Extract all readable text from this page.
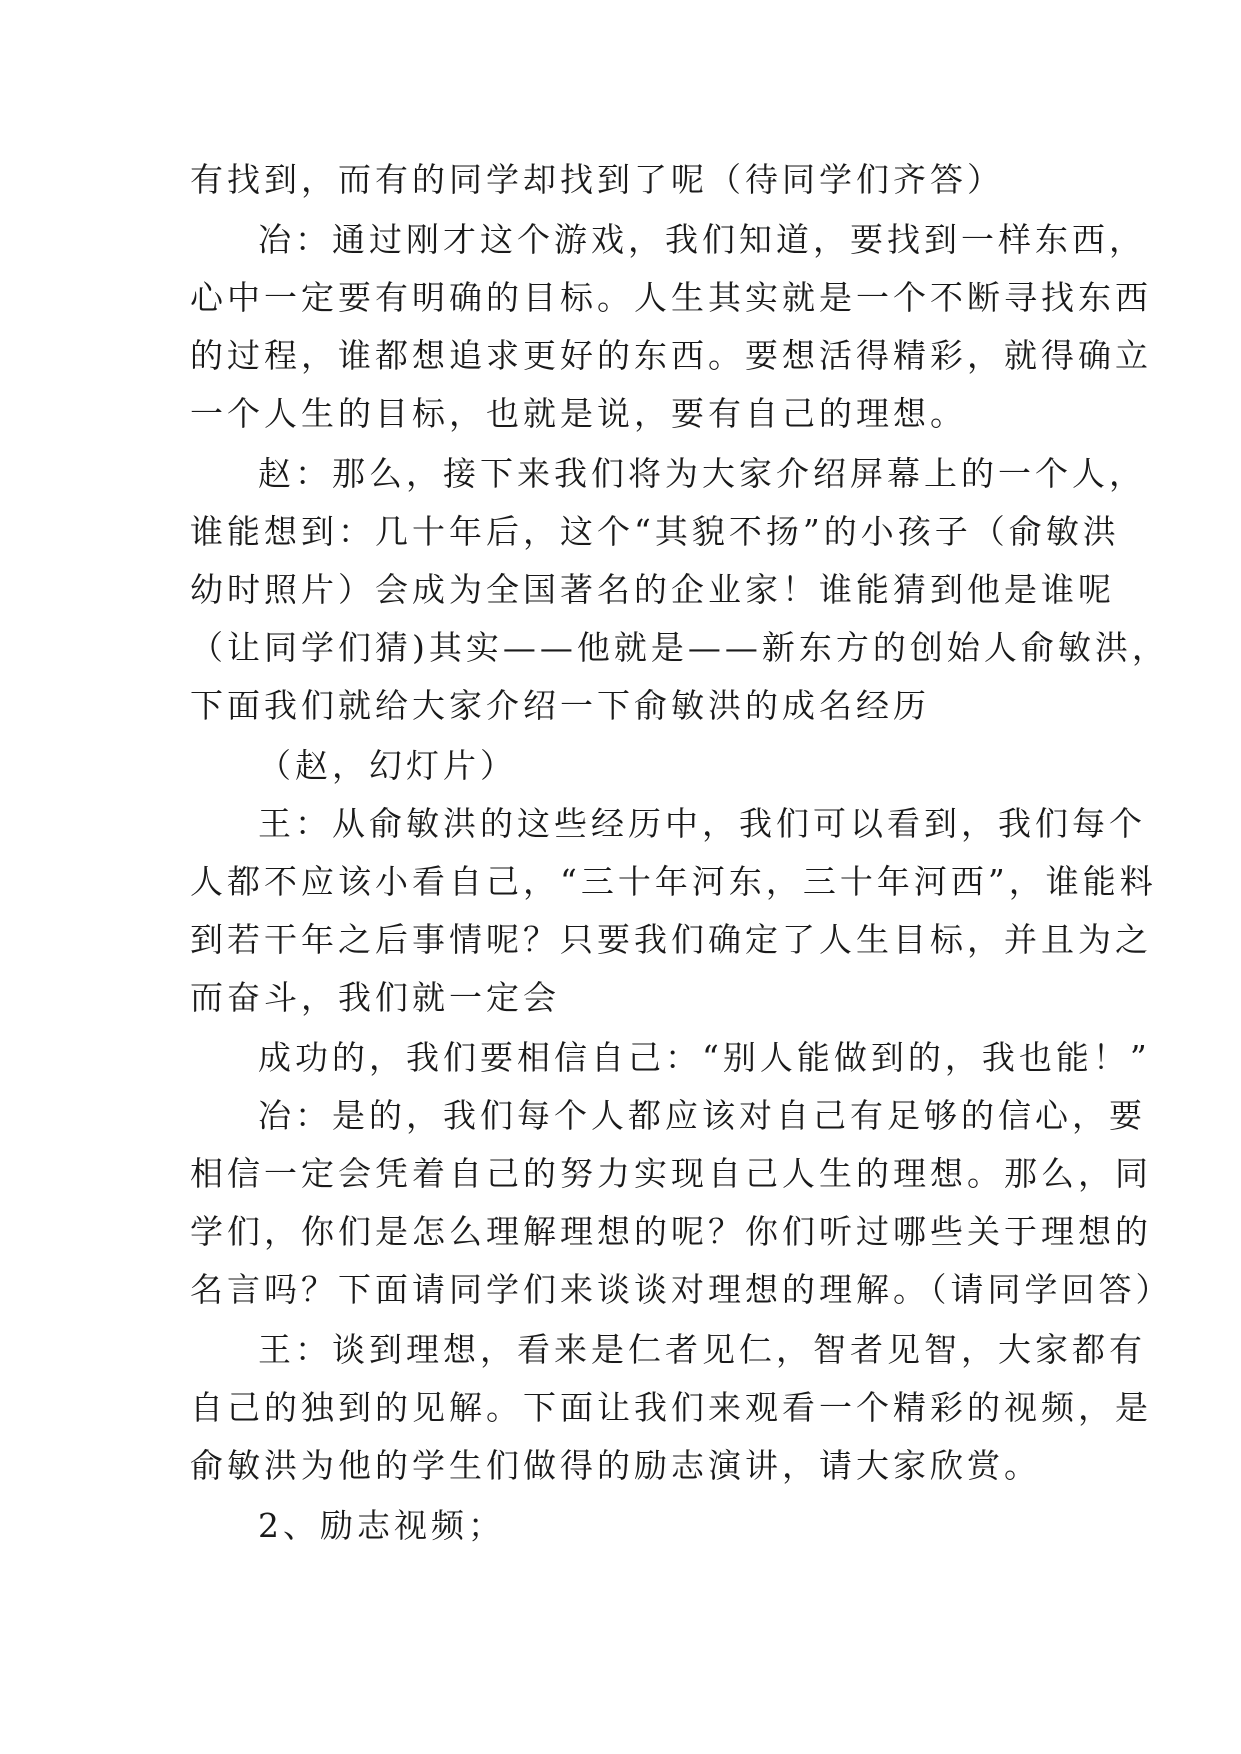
有找到，而有的同学却找到了呢（待同学们齐答）
冶：通过刚才这个游戏，我们知道，要找到一样东西，
心中一定要有明确的目标。人生其实就是一个不断寻找东西
的过程，谁都想追求更好的东西。要想活得精彩，就得确立
一个人生的目标，也就是说，要有自己的理想。
赵：那么，接下来我们将为大家介绍屏幕上的一个人，
谁能想到：几十年后，这个“其貌不扬”的小孩子（俞敏洪
幼时照片）会成为全国著名的企业家！谁能猜到他是谁呢
（让同学们猜)其实——他就是——新东方的创始人俞敏洪，
下面我们就给大家介绍一下俞敏洪的成名经历
（赵，幻灯片）
王：从俞敏洪的这些经历中，我们可以看到，我们每个
人都不应该小看自己，“三十年河东，三十年河西”，谁能料
到若干年之后事情呢？只要我们确定了人生目标，并且为之
而奋斗，我们就一定会
成功的，我们要相信自己：“别人能做到的，我也能！”
冶：是的，我们每个人都应该对自己有足够的信心，要
相信一定会凭着自己的努力实现自己人生的理想。那么，同
学们，你们是怎么理解理想的呢？你们听过哪些关于理想的
名言吗？下面请同学们来谈谈对理想的理解。（请同学回答）
王：谈到理想，看来是仁者见仁，智者见智，大家都有
自己的独到的见解。下面让我们来观看一个精彩的视频，是
俞敏洪为他的学生们做得的励志演讲，请大家欣赏。
2、励志视频；
